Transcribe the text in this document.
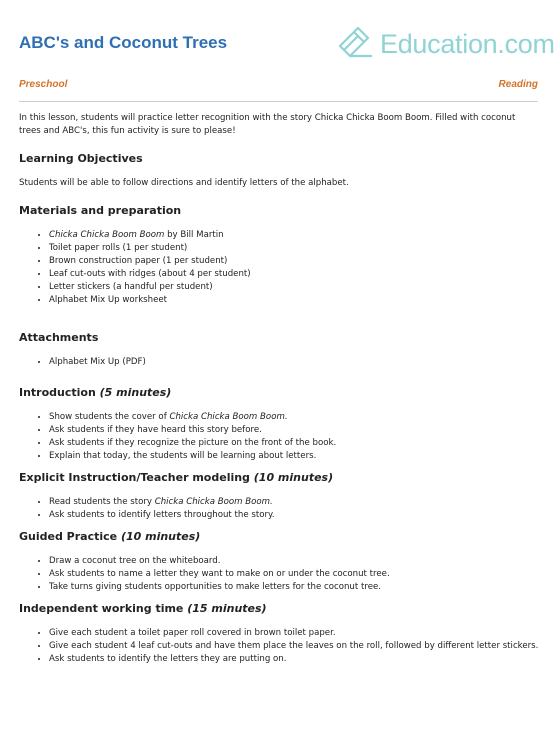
ABC's and Coconut Trees	Education.com
Preschool	Reading

In this lesson, students will practice letter recognition with the story Chicka Chicka Boom Boom. Filled with coconut trees and ABC's, this fun activity is sure to please!

Learning Objectives

Students will be able to follow directions and identify letters of the alphabet.

Materials and preparation
• Chicka Chicka Boom Boom by Bill Martin
• Toilet paper rolls (1 per student)
• Brown construction paper (1 per student)
• Leaf cut-outs with ridges (about 4 per student)
• Letter stickers (a handful per student)
• Alphabet Mix Up worksheet
Attachments
• Alphabet Mix Up (PDF)
Introduction (5 minutes)
• Show students the cover of Chicka Chicka Boom Boom.
• Ask students if they have heard this story before.
• Ask students if they recognize the picture on the front of the book.
• Explain that today, the students will be learning about letters.
Explicit Instruction/Teacher modeling (10 minutes)
• Read students the story Chicka Chicka Boom Boom.
• Ask students to identify letters throughout the story.
Guided Practice (10 minutes)
• Draw a coconut tree on the whiteboard.
• Ask students to name a letter they want to make on or under the coconut tree.
• Take turns giving students opportunities to make letters for the coconut tree.
Independent working time (15 minutes)
• Give each student a toilet paper roll covered in brown toilet paper.
• Give each student 4 leaf cut-outs and have them place the leaves on the roll, followed by different letter stickers.
• Ask students to identify the letters they are putting on.
